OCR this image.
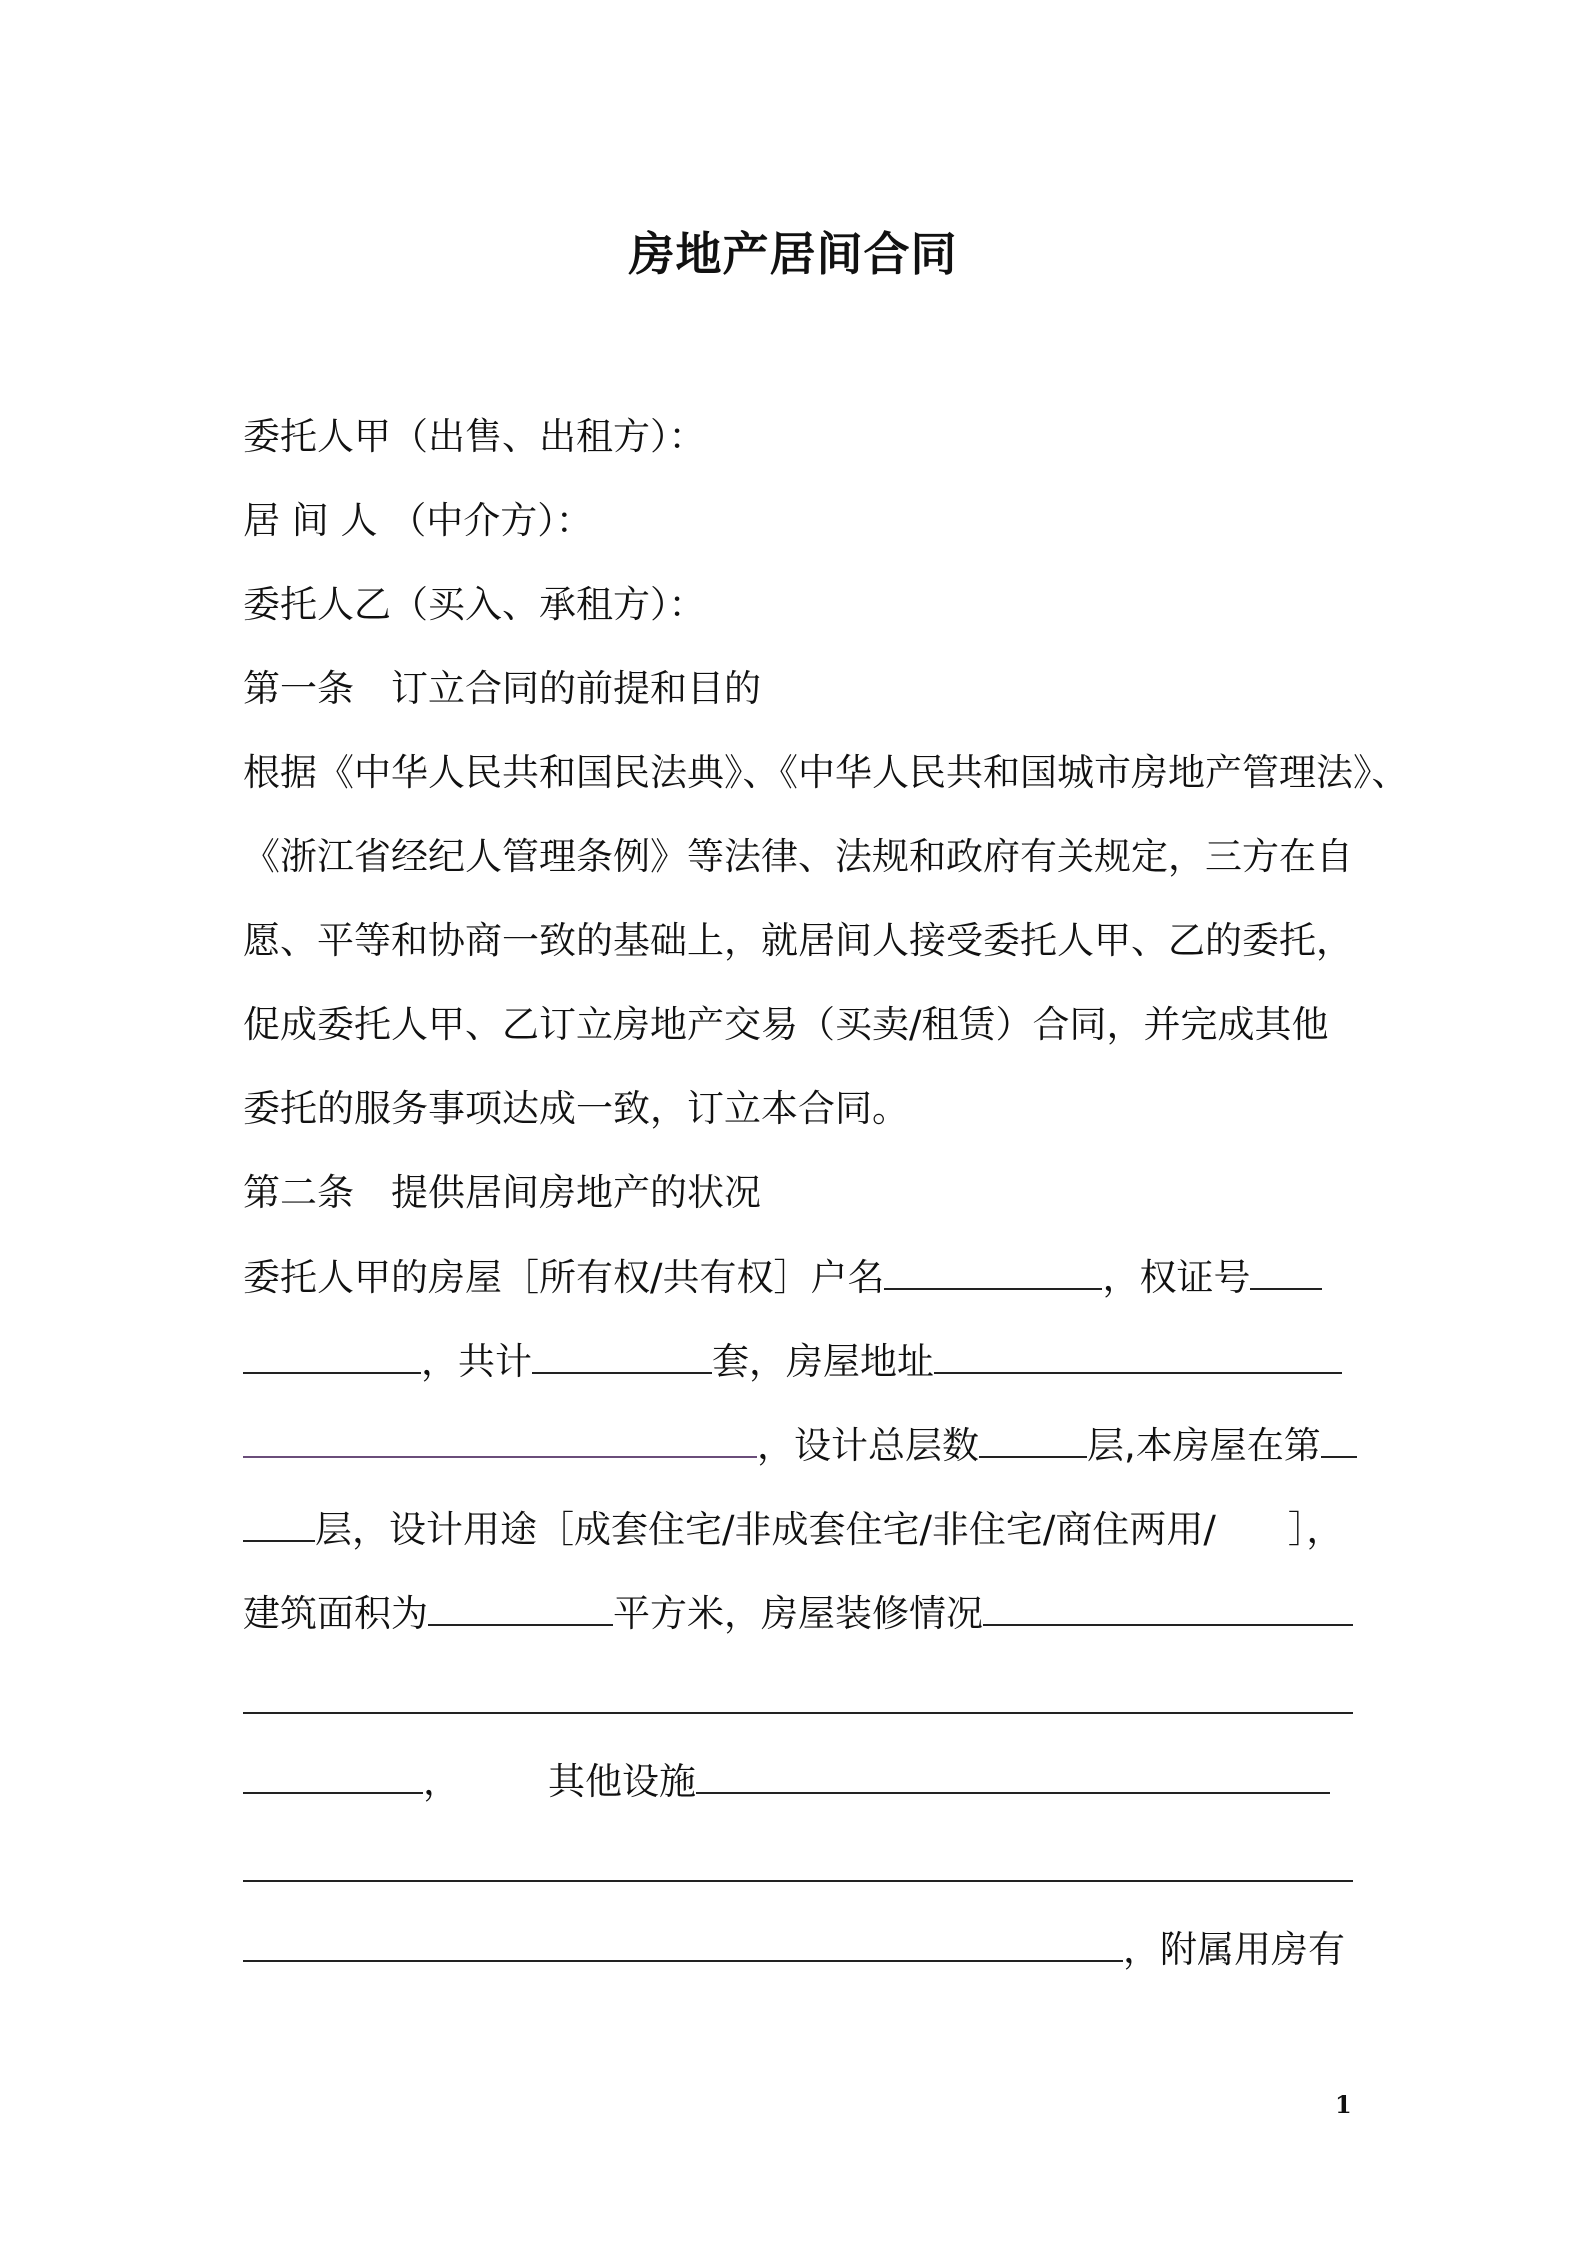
房地产居间合同
委托人甲（出售、出租方）：
居 间 人 （中介方）：
委托人乙（买入、承租方）：
第一条　订立合同的前提和目的
根据《中华人民共和国民法典》、《中华人民共和国城市房地产管理法》、
《浙江省经纪人管理条例》等法律、法规和政府有关规定，三方在自
愿、平等和协商一致的基础上，就居间人接受委托人甲、乙的委托，
促成委托人甲、乙订立房地产交易（买卖/租赁）合同，并完成其他
委托的服务事项达成一致，订立本合同。
第二条　提供居间房地产的状况
委托人甲的房屋［所有权/共有权］户名	，权证号
，共计	套，房屋地址
，设计总层数	层,本房屋在第
层，设计用途［成套住宅/非成套住宅/非住宅/商住两用/ ］，
建筑面积为	平方米，房屋装修情况
， 其他设施
，附属用房有
1
